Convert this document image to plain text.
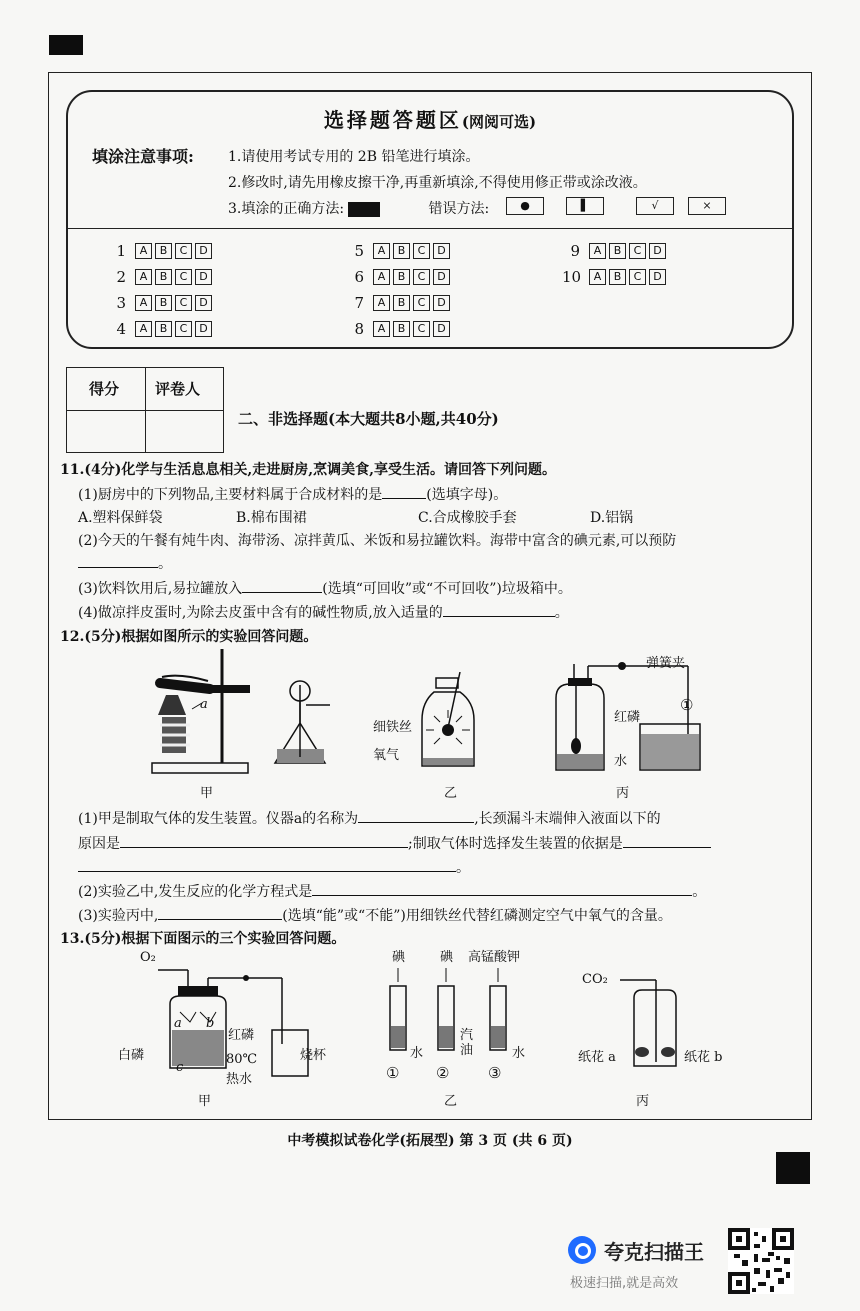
选择题答题区(网阅可选)
填涂注意事项: 1.请使用考试专用的 2B 铅笔进行填涂。
2.修改时,请先用橡皮擦干净,再重新填涂,不得使用修正带或涂改液。
3.填涂的正确方法:	错误方法:	●	▌	√	×
1	A	B	C	D
2	A	B	C	D
3	A	B	C	D
4	A	B	C	D
5	A	B	C	D
6	A	B	C	D
7	A	B	C	D
8	A	B	C	D
9	A	B	C	D
10	A	B	C	D
得分 评卷人
二、非选择题(本大题共8小题,共40分)
11.(4分)化学与生活息息相关,走进厨房,烹调美食,享受生活。请回答下列问题。
(1)厨房中的下列物品,主要材料属于合成材料的是	(选填字母)。
A.塑料保鲜袋	B.棉布围裙	C.合成橡胶手套	D.铝锅
(2)今天的午餐有炖牛肉、海带汤、凉拌黄瓜、米饭和易拉罐饮料。海带中富含的碘元素,可以预防
。
(3)饮料饮用后,易拉罐放入	(选填“可回收”或“不可回收”)垃圾箱中。
(4)做凉拌皮蛋时,为除去皮蛋中含有的碱性物质,放入适量的	。
12.(5分)根据如图所示的实验回答问题。
a
细铁丝
氧气
弹簧夹
红磷
水
①
甲	乙	丙
(1)甲是制取气体的发生装置。仪器a的名称为	,长颈漏斗末端伸入液面以下的
原因是	;制取气体时选择发生装置的依据是
。
(2)实验乙中,发生反应的化学方程式是	。
(3)实验丙中,	(选填“能”或“不能”)用细铁丝代替红磷测定空气中氧气的含量。
13.(5分)根据下面图示的三个实验回答问题。
O₂
a b
c
白磷
红磷
80℃
热水
烧杯
碘	碘 高锰酸钾
水
汽油	水
① ②	③
CO₂
纸花 a	纸花 b
甲	乙	丙
中考模拟试卷化学(拓展型) 第 3 页 (共 6 页)
夸克扫描王
极速扫描,就是高效
